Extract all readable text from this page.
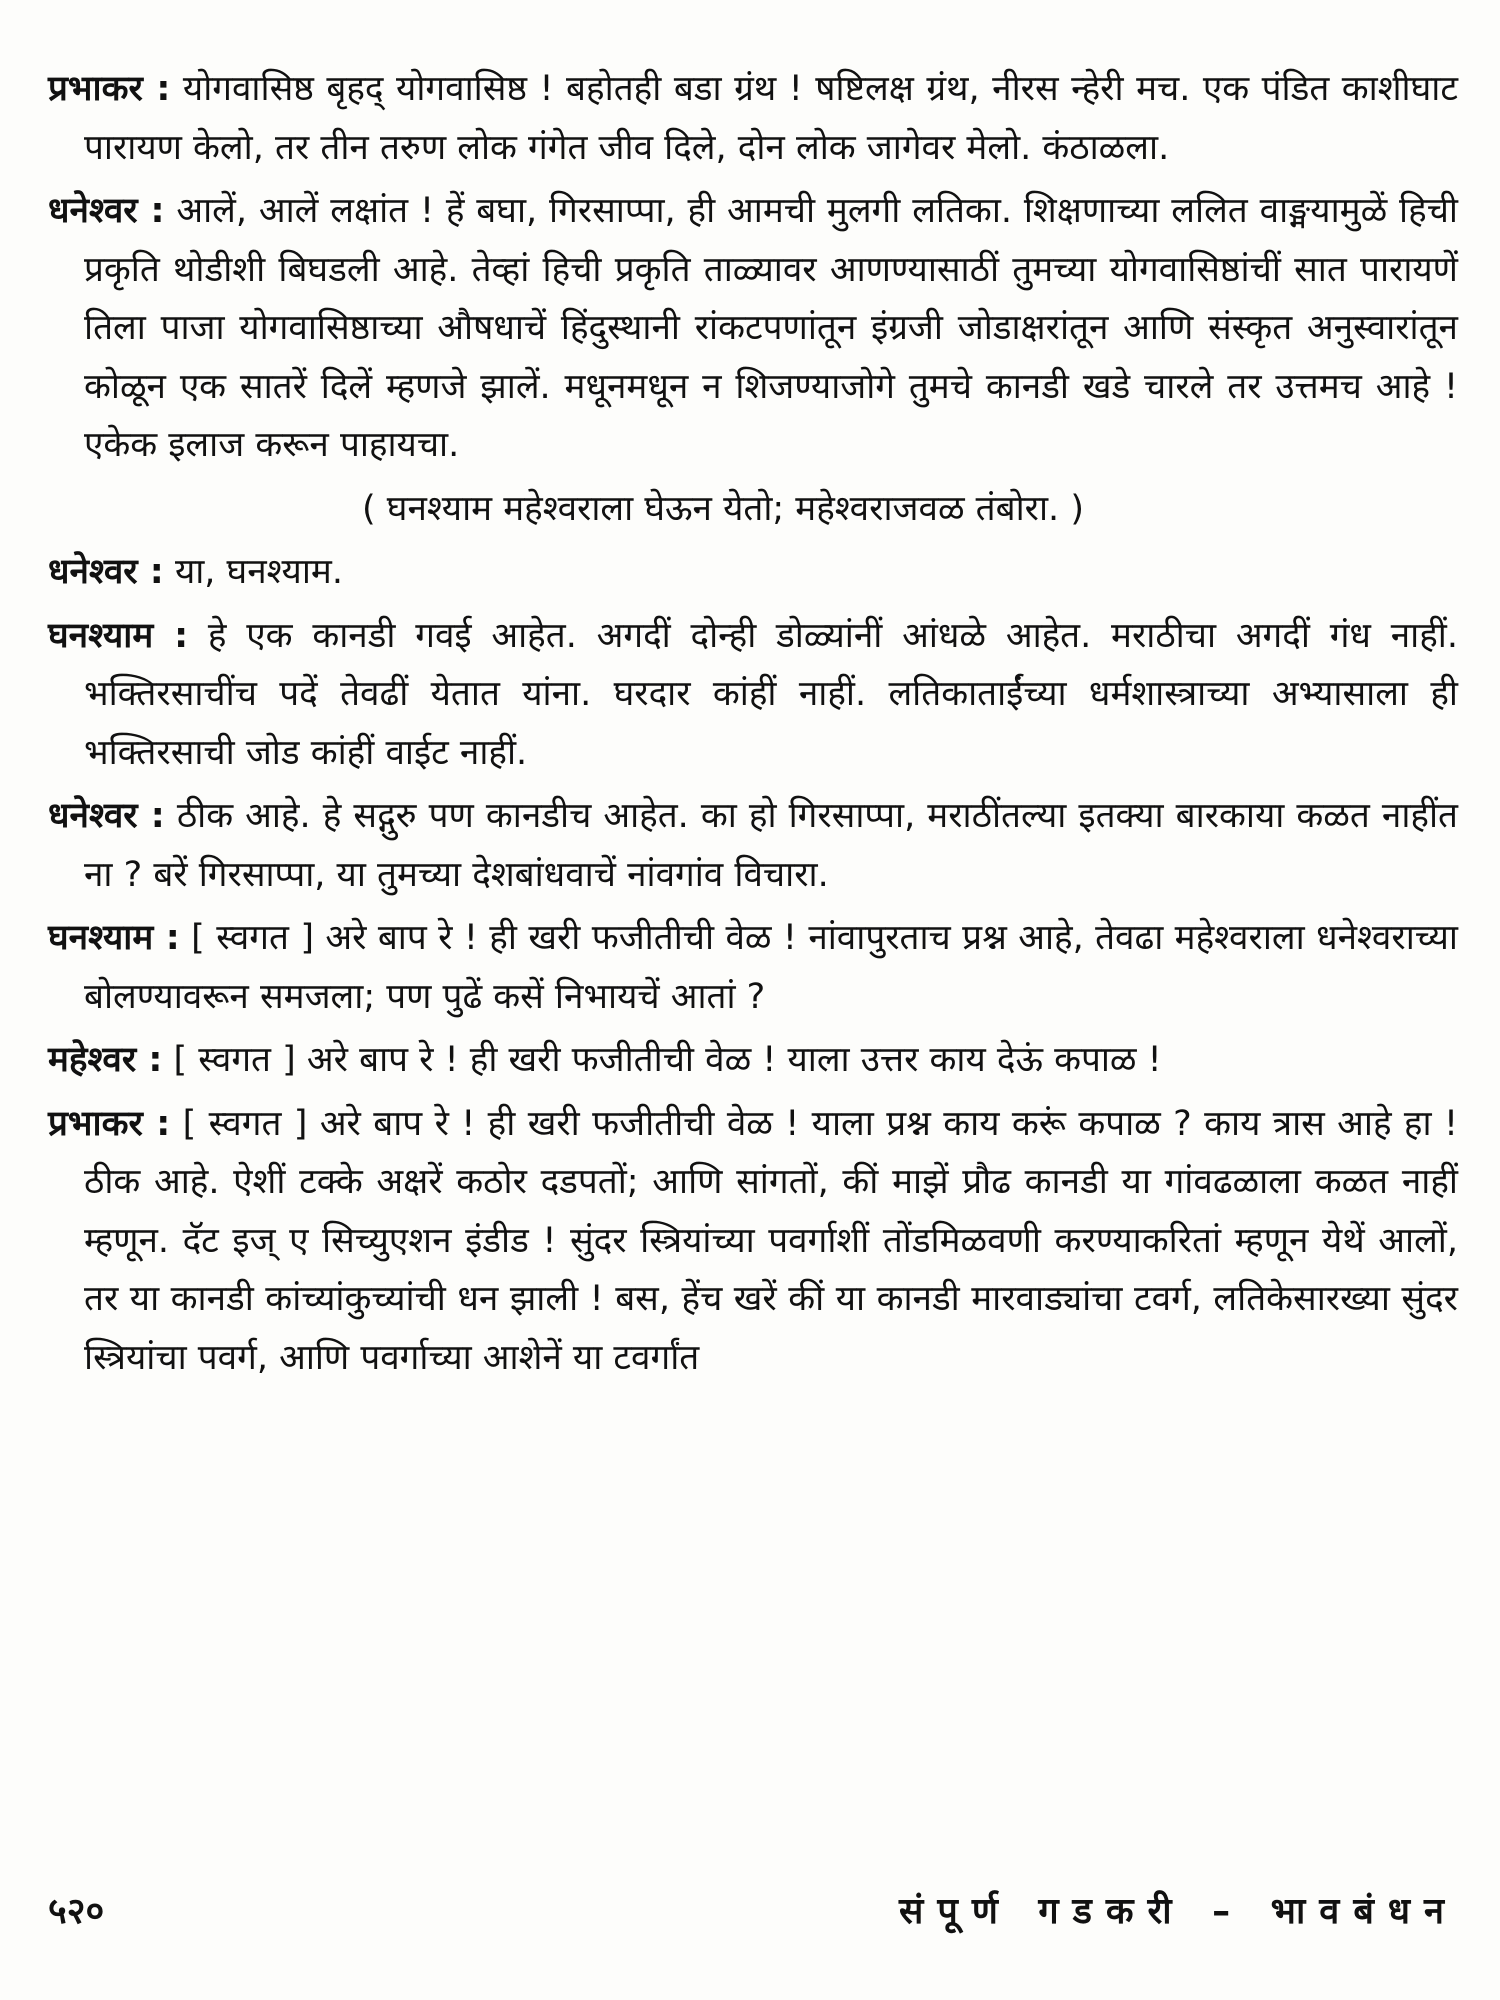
प्रभाकर : योगवासिष्ठ बृहद् योगवासिष्ठ ! बहोतही बडा ग्रंथ ! षष्टिलक्ष ग्रंथ, नीरस न्हेरी मच. एक पंडित काशीघाट पारायण केलो, तर तीन तरुण लोक गंगेत जीव दिले, दोन लोक जागेवर मेलो. कंठाळला.

धनेश्वर : आलें, आलें लक्षांत ! हें बघा, गिरसाप्पा, ही आमची मुलगी लतिका. शिक्षणाच्या ललित वाङ्मयामुळें हिची प्रकृति थोडीशी बिघडली आहे. तेव्हां हिची प्रकृति ताळ्यावर आणण्यासाठीं तुमच्या योगवासिष्ठांचीं सात पारायणें तिला पाजा योगवासिष्ठाच्या औषधाचें हिंदुस्थानी रांकटपणांतून इंग्रजी जोडाक्षरांतून आणि संस्कृत अनुस्वारांतून कोळून एक सातरें दिलें म्हणजे झालें. मधूनमधून न शिजण्याजोगे तुमचे कानडी खडे चारले तर उत्तमच आहे ! एकेक इलाज करून पाहायचा.

( घनश्याम महेश्वराला घेऊन येतो; महेश्वराजवळ तंबोरा. )

धनेश्वर : या, घनश्याम.

घनश्याम : हे एक कानडी गवई आहेत. अगदीं दोन्ही डोळ्यांनीं आंधळे आहेत. मराठीचा अगदीं गंध नाहीं. भक्तिरसाचींच पदें तेवढीं येतात यांना. घरदार कांहीं नाहीं. लतिकाताईंच्या धर्मशास्त्राच्या अभ्यासाला ही भक्तिरसाची जोड कांहीं वाईट नाहीं.

धनेश्वर : ठीक आहे. हे सद्गुरु पण कानडीच आहेत. का हो गिरसाप्पा, मराठींतल्या इतक्या बारकाया कळत नाहींत ना ? बरें गिरसाप्पा, या तुमच्या देशबांधवाचें नांवगांव विचारा.

घनश्याम : [ स्वगत ] अरे बाप रे ! ही खरी फजीतीची वेळ ! नांवापुरताच प्रश्न आहे, तेवढा महेश्वराला धनेश्वराच्या बोलण्यावरून समजला; पण पुढें कसें निभायचें आतां ?

महेश्वर : [ स्वगत ] अरे बाप रे ! ही खरी फजीतीची वेळ ! याला उत्तर काय देऊं कपाळ !

प्रभाकर : [ स्वगत ] अरे बाप रे ! ही खरी फजीतीची वेळ ! याला प्रश्न काय करूं कपाळ ? काय त्रास आहे हा ! ठीक आहे. ऐशीं टक्के अक्षरें कठोर दडपतों; आणि सांगतों, कीं माझें प्रौढ कानडी या गांवढळाला कळत नाहीं म्हणून. दॅट इज् ए सिच्युएशन इंडीड ! सुंदर स्त्रियांच्या पवर्गाशीं तोंडमिळवणी करण्याकरितां म्हणून येथें आलों, तर या कानडी कांच्यांकुच्यांची धन झाली ! बस, हेंच खरें कीं या कानडी मारवाड्यांचा टवर्ग, लतिकेसारख्या सुंदर स्त्रियांचा पवर्ग, आणि पवर्गाच्या आशेनें या टवर्गांत

५२०	संपूर्ण गडकरी – भावबंधन
